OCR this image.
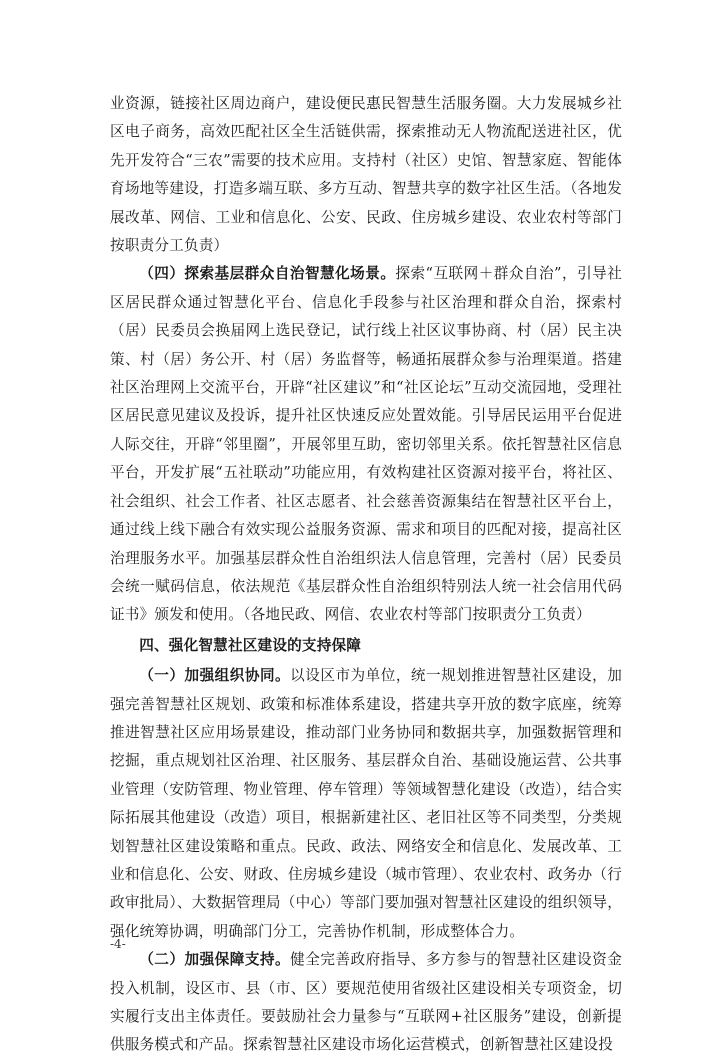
业资源，链接社区周边商户，建设便民惠民智慧生活服务圈。大力发展城乡社区电子商务，高效匹配社区全生活链供需，探索推动无人物流配送进社区，优先开发符合“三农”需要的技术应用。支持村（社区）史馆、智慧家庭、智能体育场地等建设，打造多端互联、多方互动、智慧共享的数字社区生活。（各地发展改革、网信、工业和信息化、公安、民政、住房城乡建设、农业农村等部门按职责分工负责）

（四）探索基层群众自治智慧化场景。探索“互联网＋群众自治”，引导社区居民群众通过智慧化平台、信息化手段参与社区治理和群众自治，探索村（居）民委员会换届网上选民登记，试行线上社区议事协商、村（居）民主决策、村（居）务公开、村（居）务监督等，畅通拓展群众参与治理渠道。搭建社区治理网上交流平台，开辟“社区建议”和“社区论坛”互动交流园地，受理社区居民意见建议及投诉，提升社区快速反应处置效能。引导居民运用平台促进人际交往，开辟“邻里圈”，开展邻里互助，密切邻里关系。依托智慧社区信息平台，开发扩展“五社联动”功能应用，有效构建社区资源对接平台，将社区、社会组织、社会工作者、社区志愿者、社会慈善资源集结在智慧社区平台上，通过线上线下融合有效实现公益服务资源、需求和项目的匹配对接，提高社区治理服务水平。加强基层群众性自治组织法人信息管理，完善村（居）民委员会统一赋码信息，依法规范《基层群众性自治组织特别法人统一社会信用代码证书》颁发和使用。（各地民政、网信、农业农村等部门按职责分工负责）

四、强化智慧社区建设的支持保障

（一）加强组织协同。以设区市为单位，统一规划推进智慧社区建设，加强完善智慧社区规划、政策和标准体系建设，搭建共享开放的数字底座，统筹推进智慧社区应用场景建设，推动部门业务协同和数据共享，加强数据管理和挖掘，重点规划社区治理、社区服务、基层群众自治、基础设施运营、公共事业管理（安防管理、物业管理、停车管理）等领域智慧化建设（改造），结合实际拓展其他建设（改造）项目，根据新建社区、老旧社区等不同类型，分类规划智慧社区建设策略和重点。民政、政法、网络安全和信息化、发展改革、工业和信息化、公安、财政、住房城乡建设（城市管理）、农业农村、政务办（行政审批局）、大数据管理局（中心）等部门要加强对智慧社区建设的组织领导，强化统筹协调，明确部门分工，完善协作机制，形成整体合力。

（二）加强保障支持。健全完善政府指导、多方参与的智慧社区建设资金投入机制，设区市、县（市、区）要规范使用省级社区建设相关专项资金，切实履行支出主体责任。要鼓励社会力量参与“互联网+社区服务”建设，创新提供服务模式和产品。探索智慧社区建设市场化运营模式，创新智慧社区建设投

-4-
